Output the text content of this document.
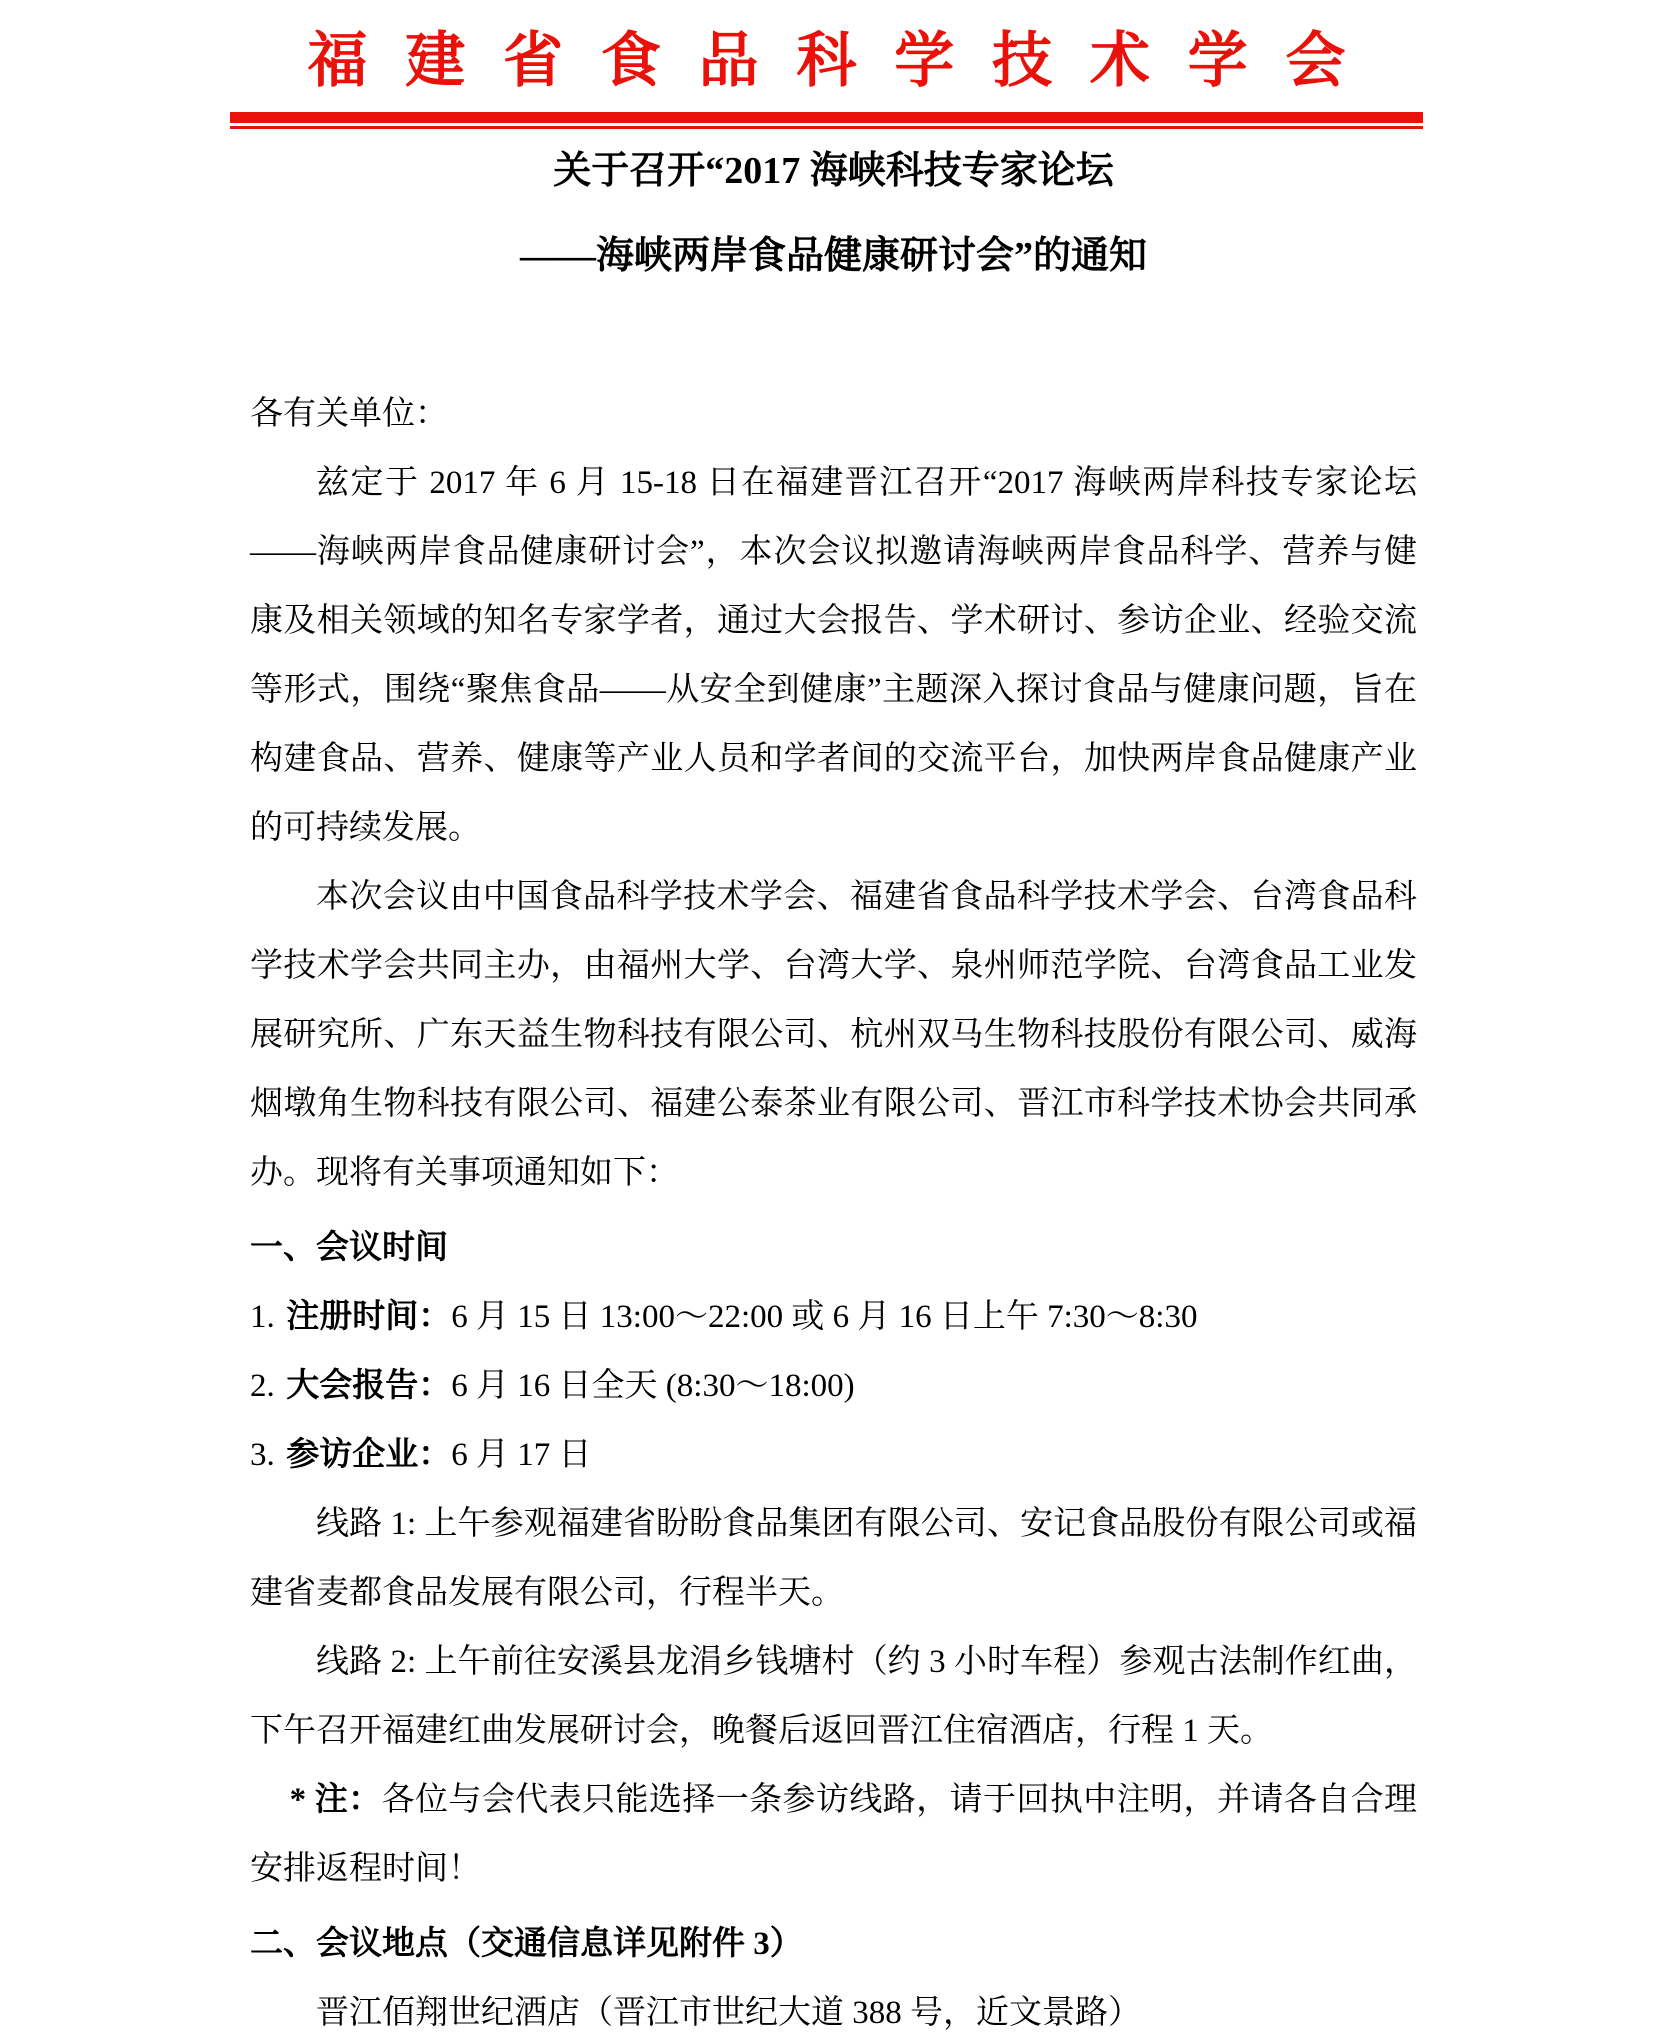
福建省食品科学技术学会
关于召开“2017 海峡科技专家论坛
——海峡两岸食品健康研讨会”的通知

各有关单位：

兹定于 2017 年 6 月 15-18 日在福建晋江召开“2017 海峡两岸科技专家论坛——海峡两岸食品健康研讨会”，本次会议拟邀请海峡两岸食品科学、营养与健康及相关领域的知名专家学者，通过大会报告、学术研讨、参访企业、经验交流等形式，围绕“聚焦食品——从安全到健康”主题深入探讨食品与健康问题，旨在构建食品、营养、健康等产业人员和学者间的交流平台，加快两岸食品健康产业的可持续发展。

本次会议由中国食品科学技术学会、福建省食品科学技术学会、台湾食品科学技术学会共同主办，由福州大学、台湾大学、泉州师范学院、台湾食品工业发展研究所、广东天益生物科技有限公司、杭州双马生物科技股份有限公司、威海烟墩角生物科技有限公司、福建公泰茶业有限公司、晋江市科学技术协会共同承办。现将有关事项通知如下：

一、会议时间

1. 注册时间：6 月 15 日 13:00～22:00 或 6 月 16 日上午 7:30～8:30

2. 大会报告：6 月 16 日全天 (8:30～18:00)

3. 参访企业：6 月 17 日

线路 1: 上午参观福建省盼盼食品集团有限公司、安记食品股份有限公司或福建省麦都食品发展有限公司，行程半天。

线路 2: 上午前往安溪县龙涓乡钱塘村（约 3 小时车程）参观古法制作红曲，下午召开福建红曲发展研讨会，晚餐后返回晋江住宿酒店，行程 1 天。

* 注：各位与会代表只能选择一条参访线路，请于回执中注明，并请各自合理安排返程时间！

二、会议地点（交通信息详见附件 3）

晋江佰翔世纪酒店（晋江市世纪大道 388 号，近文景路）
